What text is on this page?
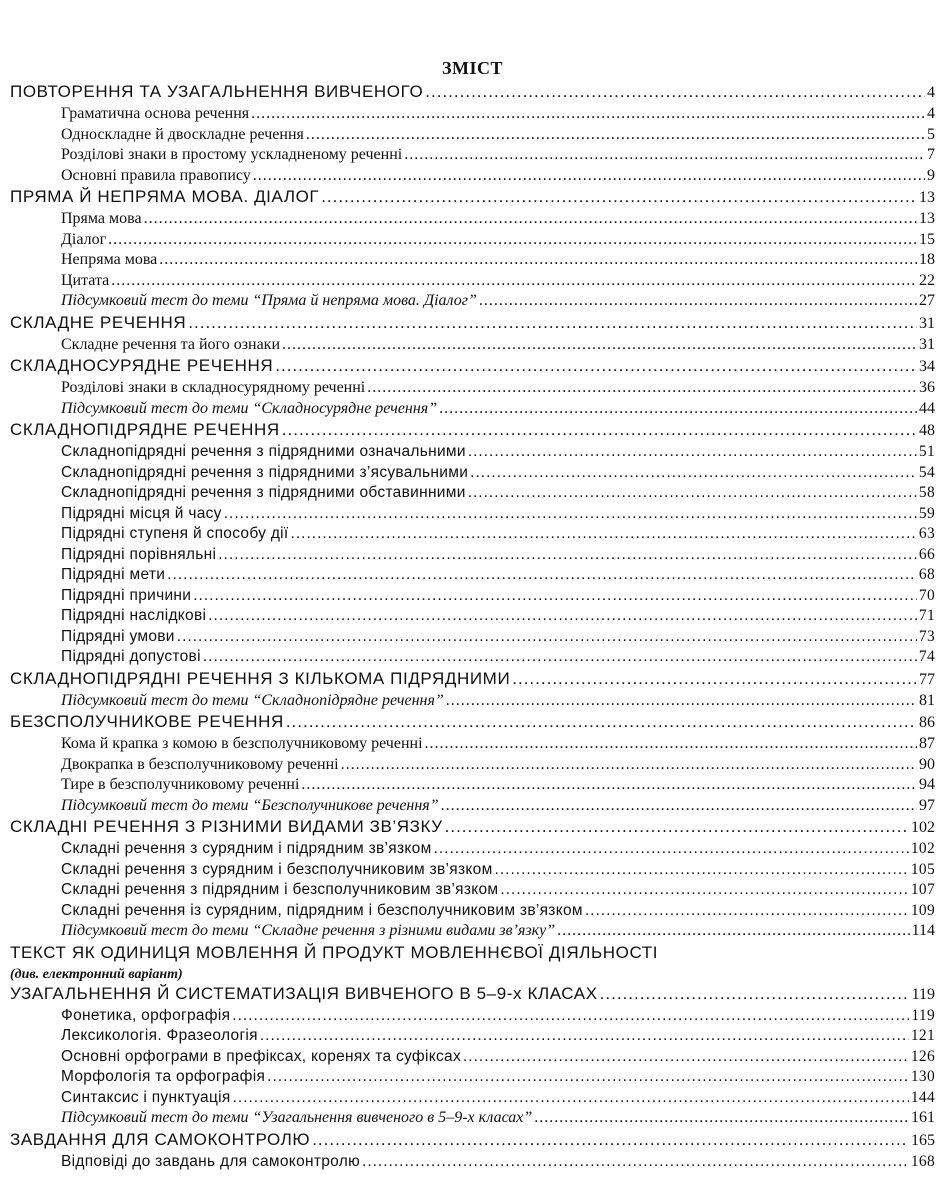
ЗМІСТ
ПОВТОРЕННЯ ТА УЗАГАЛЬНЕННЯ ВИВЧЕНОГО .....	4
Граматична основа речення .....	4
Односкладне й двоскладне речення .....	5
Розділові знаки в простому ускладненому реченні .....	7
Основні правила правопису .....	9
ПРЯМА Й НЕПРЯМА МОВА. ДІАЛОГ .....	13
Пряма мова .....	13
Діалог .....	15
Непряма мова .....	18
Цитата .....	22
Підсумковий тест до теми “Пряма й непряма мова. Діалог” .....	27
СКЛАДНЕ РЕЧЕННЯ .....	31
Складне речення та його ознаки .....	31
СКЛАДНОСУРЯДНЕ РЕЧЕННЯ .....	34
Розділові знаки в складносурядному реченні .....	36
Підсумковий тест до теми “Складносурядне речення” .....	44
СКЛАДНОПІДРЯДНЕ РЕЧЕННЯ .....	48
Складнопідрядні речення з підрядними означальними .....	51
Складнопідрядні речення з підрядними з’ясувальними .....	54
Складнопідрядні речення з підрядними обставинними .....	58
Підрядні місця й часу .....	59
Підрядні ступеня й способу дії .....	63
Підрядні порівняльні .....	66
Підрядні мети .....	68
Підрядні причини .....	70
Підрядні наслідкові .....	71
Підрядні умови .....	73
Підрядні допустові .....	74
СКЛАДНОПІДРЯДНІ РЕЧЕННЯ З КІЛЬКОМА ПІДРЯДНИМИ .....	77
Підсумковий тест до теми “Складнопідрядне речення” .....	81
БЕЗСПОЛУЧНИКОВЕ РЕЧЕННЯ .....	86
Кома й крапка з комою в безсполучниковому реченні .....	87
Двокрапка в безсполучниковому реченні .....	90
Тире в безсполучниковому реченні .....	94
Підсумковий тест до теми “Безсполучникове речення” .....	97
СКЛАДНІ РЕЧЕННЯ З РІЗНИМИ ВИДАМИ ЗВ’ЯЗКУ .....	102
Складні речення з сурядним і підрядним зв’язком .....	102
Складні речення з сурядним і безсполучниковим зв’язком .....	105
Складні речення з підрядним і безсполучниковим зв’язком .....	107
Складні речення із сурядним, підрядним і безсполучниковим зв’язком .....	109
Підсумковий тест до теми “Складне речення з різними видами зв’язку” .....	114
ТЕКСТ ЯК ОДИНИЦЯ МОВЛЕННЯ Й ПРОДУКТ МОВЛЕННЄВОЇ ДІЯЛЬНОСТІ
(див. електронний варіант)
УЗАГАЛЬНЕННЯ Й СИСТЕМАТИЗАЦІЯ ВИВЧЕНОГО В 5–9-х КЛАСАХ .....	119
Фонетика, орфографія .....	119
Лексикологія. Фразеологія .....	121
Основні орфограми в префіксах, коренях та суфіксах .....	126
Морфологія та орфографія .....	130
Синтаксис і пунктуація .....	144
Підсумковий тест до теми “Узагальнення вивченого в 5–9-х класах” .....	161
ЗАВДАННЯ ДЛЯ САМОКОНТРОЛЮ .....	165
Відповіді до завдань для самоконтролю .....	168
